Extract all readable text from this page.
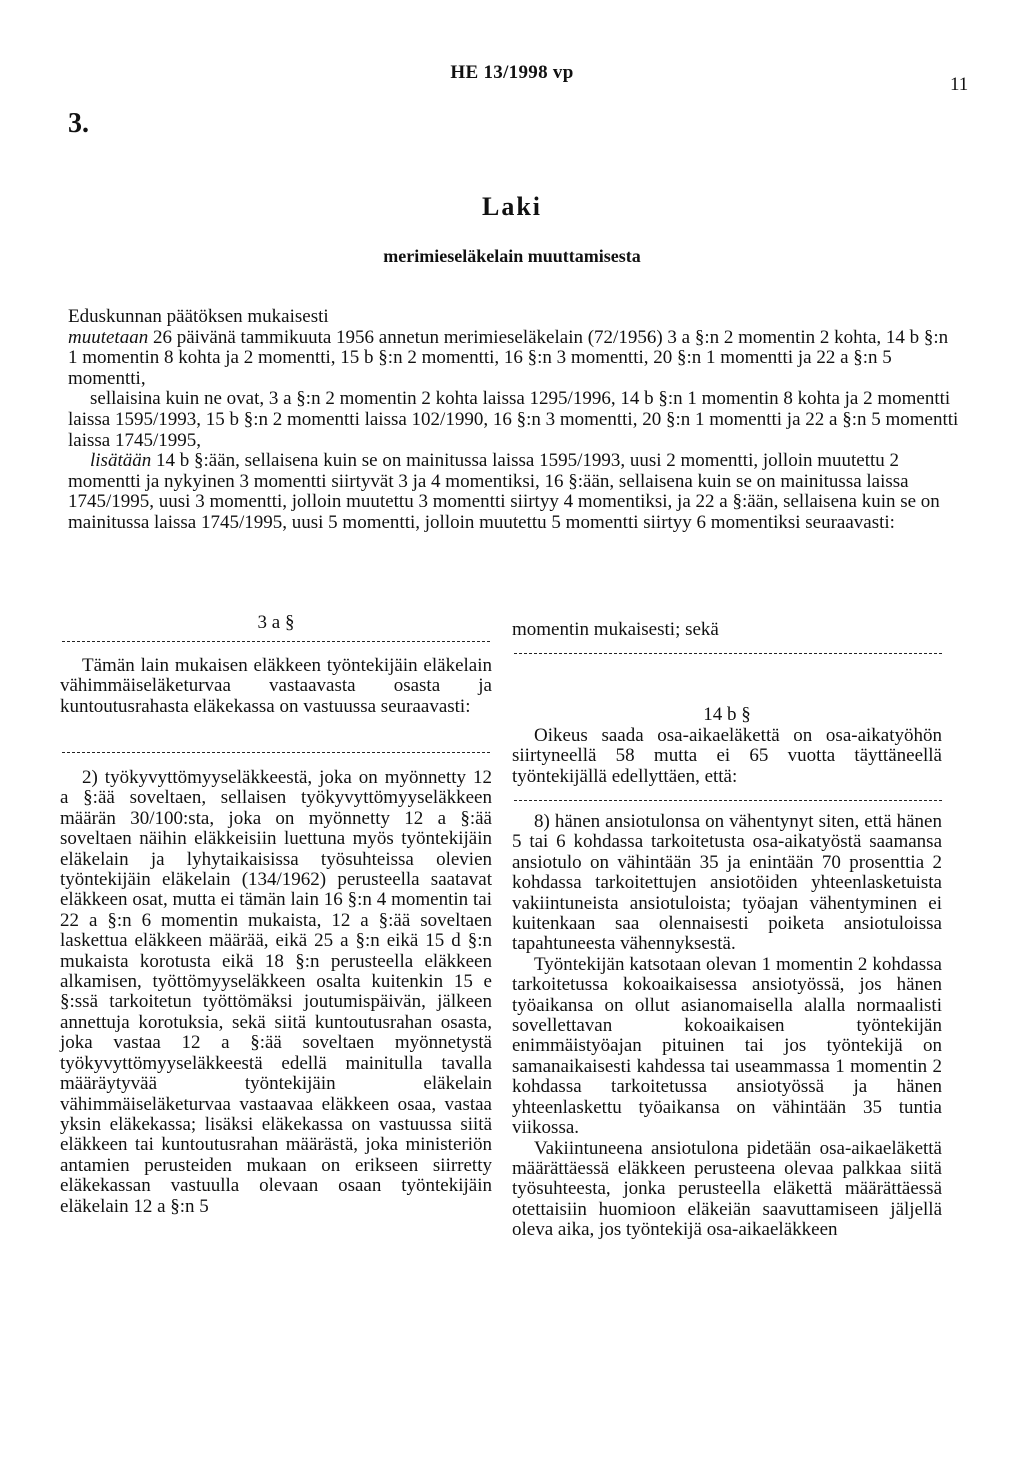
HE 13/1998 vp
11
3.
Laki
merimieseläkelain muuttamisesta

Eduskunnan päätöksen mukaisesti

muutetaan 26 päivänä tammikuuta 1956 annetun merimieseläkelain (72/1956) 3 a §:n 2 momentin 2 kohta, 14 b §:n 1 momentin 8 kohta ja 2 momentti, 15 b §:n 2 momentti, 16 §:n 3 momentti, 20 §:n 1 momentti ja 22 a §:n 5 momentti,

sellaisina kuin ne ovat, 3 a §:n 2 momentin 2 kohta laissa 1295/1996, 14 b §:n 1 momentin 8 kohta ja 2 momentti laissa 1595/1993, 15 b §:n 2 momentti laissa 102/1990, 16 §:n 3 momentti, 20 §:n 1 momentti ja 22 a §:n 5 momentti laissa 1745/1995,

lisätään 14 b §:ään, sellaisena kuin se on mainitussa laissa 1595/1993, uusi 2 momentti, jolloin muutettu 2 momentti ja nykyinen 3 momentti siirtyvät 3 ja 4 momentiksi, 16 §:ään, sellaisena kuin se on mainitussa laissa 1745/1995, uusi 3 momentti, jolloin muutettu 3 momentti siirtyy 4 momentiksi, ja 22 a §:ään, sellaisena kuin se on mainitussa laissa 1745/1995, uusi 5 momentti, jolloin muutettu 5 momentti siirtyy 6 momentiksi seuraavasti:

3 a §

Tämän lain mukaisen eläkkeen työntekijäin eläkelain vähimmäiseläketurvaa vastaavasta osasta ja kuntoutusrahasta eläkekassa on vastuussa seuraavasti:

2) työkyvyttömyyseläkkeestä, joka on myönnetty 12 a §:ää soveltaen, sellaisen työkyvyttömyyseläkkeen määrän 30/100:sta, joka on myönnetty 12 a §:ää soveltaen näihin eläkkeisiin luettuna myös työntekijäin eläkelain ja lyhytaikaisissa työsuhteissa olevien työntekijäin eläkelain (134/1962) perusteella saatavat eläkkeen osat, mutta ei tämän lain 16 §:n 4 momentin tai 22 a §:n 6 momentin mukaista, 12 a §:ää soveltaen laskettua eläkkeen määrää, eikä 25 a §:n eikä 15 d §:n mukaista korotusta eikä 18 §:n perusteella eläkkeen alkamisen, työttömyyseläkkeen osalta kuitenkin 15 e §:ssä tarkoitetun työttömäksi joutumispäivän, jälkeen annettuja korotuksia, sekä siitä kuntoutusrahan osasta, joka vastaa 12 a §:ää soveltaen myönnetystä työkyvyttömyyseläkkeestä edellä mainitulla tavalla määräytyvää työntekijäin eläkelain vähimmäiseläketurvaa vastaavaa eläkkeen osaa, vastaa yksin eläkekassa; lisäksi eläkekassa on vastuussa siitä eläkkeen tai kuntoutusrahan määrästä, joka ministeriön antamien perusteiden mukaan on erikseen siirretty eläkekassan vastuulla olevaan osaan työntekijäin eläkelain 12 a §:n 5

momentin mukaisesti; sekä

14 b §

Oikeus saada osa-aikaeläkettä on osa-aikatyöhön siirtyneellä 58 mutta ei 65 vuotta täyttäneellä työntekijällä edellyttäen, että:

8) hänen ansiotulonsa on vähentynyt siten, että hänen 5 tai 6 kohdassa tarkoitetusta osa-aikatyöstä saamansa ansiotulo on vähintään 35 ja enintään 70 prosenttia 2 kohdassa tarkoitettujen ansiotöiden yhteenlasketuista vakiintuneista ansiotuloista; työajan vähentyminen ei kuitenkaan saa olennaisesti poiketa ansiotuloissa tapahtuneesta vähennyksestä.

Työntekijän katsotaan olevan 1 momentin 2 kohdassa tarkoitetussa kokoaikaisessa ansiotyössä, jos hänen työaikansa on ollut asianomaisella alalla normaalisti sovellettavan kokoaikaisen työntekijän enimmäistyöajan pituinen tai jos työntekijä on samanaikaisesti kahdessa tai useammassa 1 momentin 2 kohdassa tarkoitetussa ansiotyössä ja hänen yhteenlaskettu työaikansa on vähintään 35 tuntia viikossa.

Vakiintuneena ansiotulona pidetään osa-aikaeläkettä määrättäessä eläkkeen perusteena olevaa palkkaa siitä työsuhteesta, jonka perusteella eläkettä määrättäessä otettaisiin huomioon eläkeiän saavuttamiseen jäljellä oleva aika, jos työntekijä osa-aikaeläkkeen
